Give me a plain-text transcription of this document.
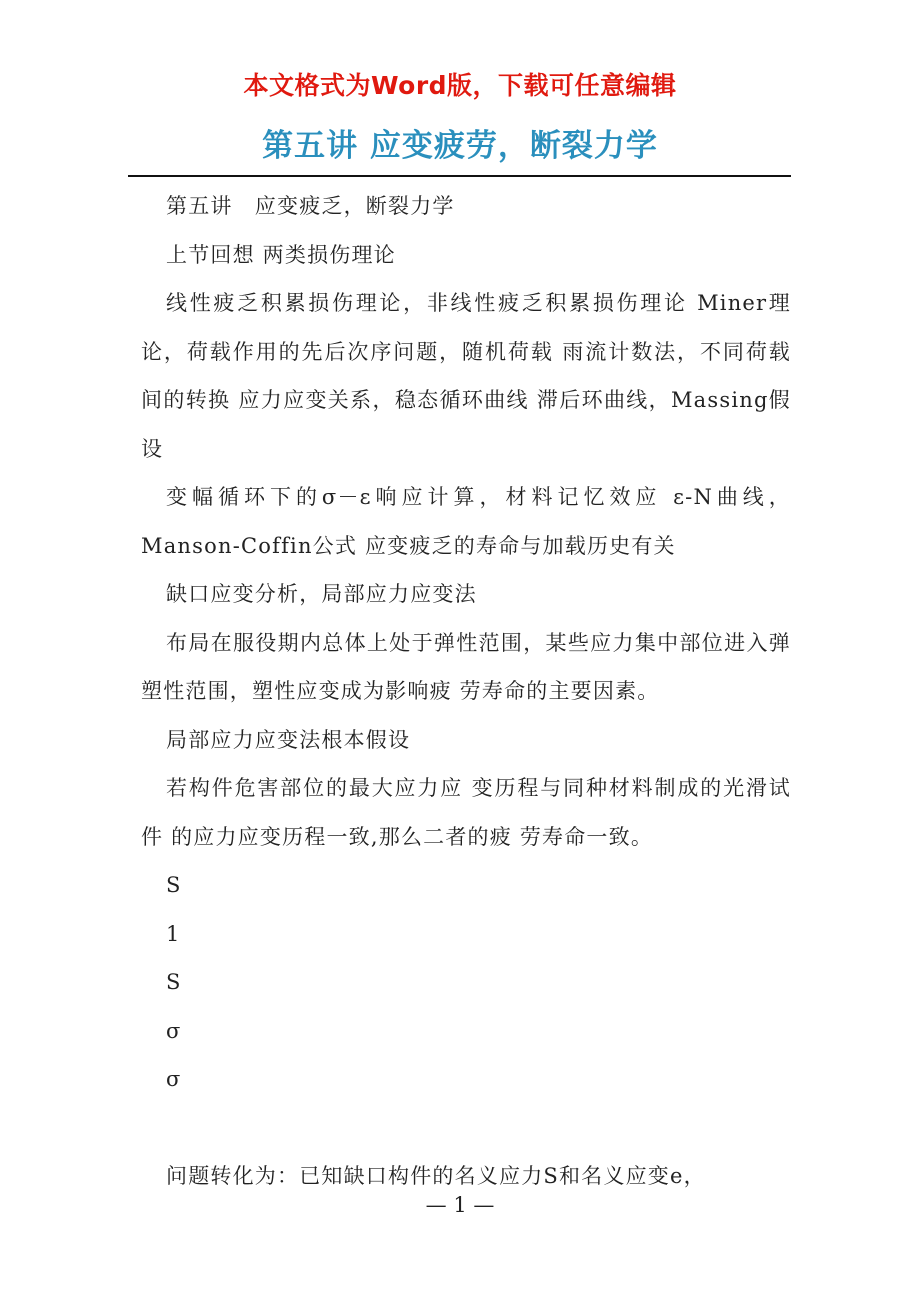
本文格式为Word版，下载可任意编辑
第五讲 应变疲劳，断裂力学

第五讲　应变疲乏，断裂力学

上节回想 两类损伤理论

线性疲乏积累损伤理论，非线性疲乏积累损伤理论 Miner理论，荷载作用的先后次序问题，随机荷载 雨流计数法，不同荷载间的转换 应力应变关系，稳态循环曲线 滞后环曲线，Massing假设

变幅循环下的σ－ε响应计算，材料记忆效应 ε-N曲线，Manson-Coffin公式 应变疲乏的寿命与加载历史有关

缺口应变分析，局部应力应变法

布局在服役期内总体上处于弹性范围，某些应力集中部位进入弹塑性范围，塑性应变成为影响疲 劳寿命的主要因素。

局部应力应变法根本假设

若构件危害部位的最大应力应 变历程与同种材料制成的光滑试件 的应力应变历程一致,那么二者的疲 劳寿命一致。

S

1

S

σ

σ

问题转化为：已知缺口构件的名义应力S和名义应变e，

— 1 —
